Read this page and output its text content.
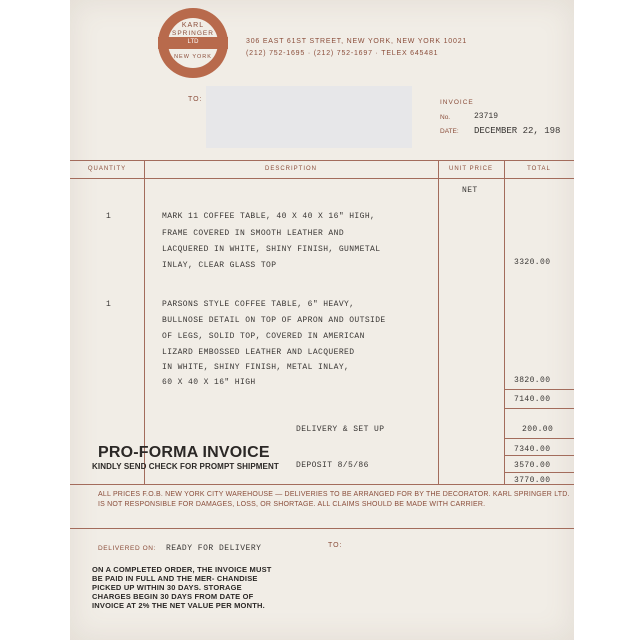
KARL
SPRINGER
LTD
NEW YORK
306 EAST 61ST STREET, NEW YORK, NEW YORK 10021
(212) 752-1695 · (212) 752-1697 · TELEX 645481
TO:	INVOICE
No.	23719
DATE: DECEMBER 22, 198
QUANTITY	DESCRIPTION	UNIT PRICE	TOTAL
NET
1	MARK 11 COFFEE TABLE, 40 X 40 X 16" HIGH,
FRAME COVERED IN SMOOTH LEATHER AND
LACQUERED IN WHITE, SHINY FINISH, GUNMETAL
INLAY, CLEAR GLASS TOP	3320.00
1	PARSONS STYLE COFFEE TABLE, 6" HEAVY,
BULLNOSE DETAIL ON TOP OF APRON AND OUTSIDE
OF LEGS, SOLID TOP, COVERED IN AMERICAN
LIZARD EMBOSSED LEATHER AND LACQUERED
IN WHITE, SHINY FINISH, METAL INLAY,
60 X 40 X 16" HIGH	3820.00
7140.00
DELIVERY & SET UP	200.00
7340.00
DEPOSIT 8/5/86	3570.00
3770.00
PRO-FORMA INVOICE
KINDLY SEND CHECK FOR PROMPT SHIPMENT
ALL PRICES F.O.B. NEW YORK CITY WAREHOUSE — DELIVERIES TO BE ARRANGED FOR BY THE DECORATOR. KARL SPRINGER LTD. IS NOT RESPONSIBLE FOR DAMAGES, LOSS, OR SHORTAGE. ALL CLAIMS SHOULD BE MADE WITH CARRIER.
DELIVERED ON: READY FOR DELIVERY	TO:
ON A COMPLETED ORDER, THE INVOICE MUST BE PAID IN FULL AND THE MER- CHANDISE PICKED UP WITHIN 30 DAYS. STORAGE CHARGES BEGIN 30 DAYS FROM DATE OF INVOICE AT 2% THE NET VALUE PER MONTH.
